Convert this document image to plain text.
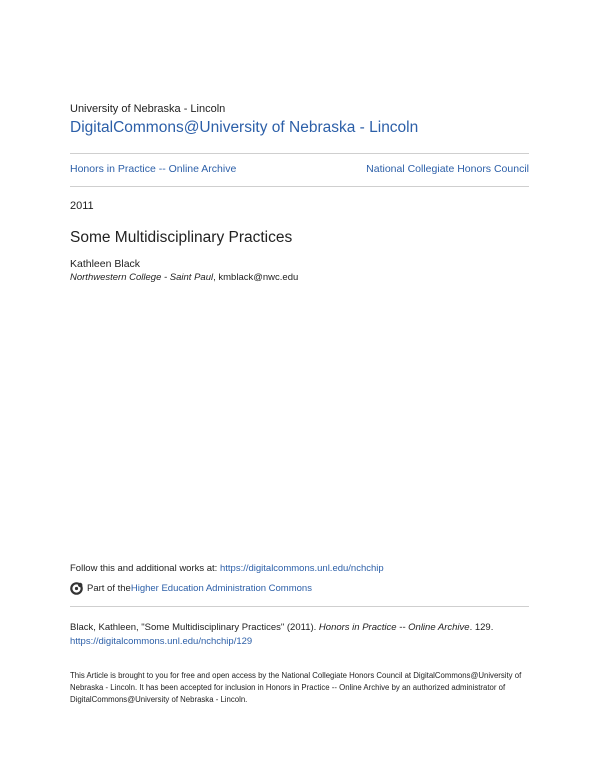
University of Nebraska - Lincoln
DigitalCommons@University of Nebraska - Lincoln
Honors in Practice -- Online Archive	National Collegiate Honors Council
2011
Some Multidisciplinary Practices
Kathleen Black
Northwestern College - Saint Paul, kmblack@nwc.edu
Follow this and additional works at: https://digitalcommons.unl.edu/nchchip
Part of the Higher Education Administration Commons
Black, Kathleen, "Some Multidisciplinary Practices" (2011). Honors in Practice -- Online Archive. 129.
https://digitalcommons.unl.edu/nchchip/129
This Article is brought to you for free and open access by the National Collegiate Honors Council at DigitalCommons@University of Nebraska - Lincoln. It has been accepted for inclusion in Honors in Practice -- Online Archive by an authorized administrator of DigitalCommons@University of Nebraska - Lincoln.
